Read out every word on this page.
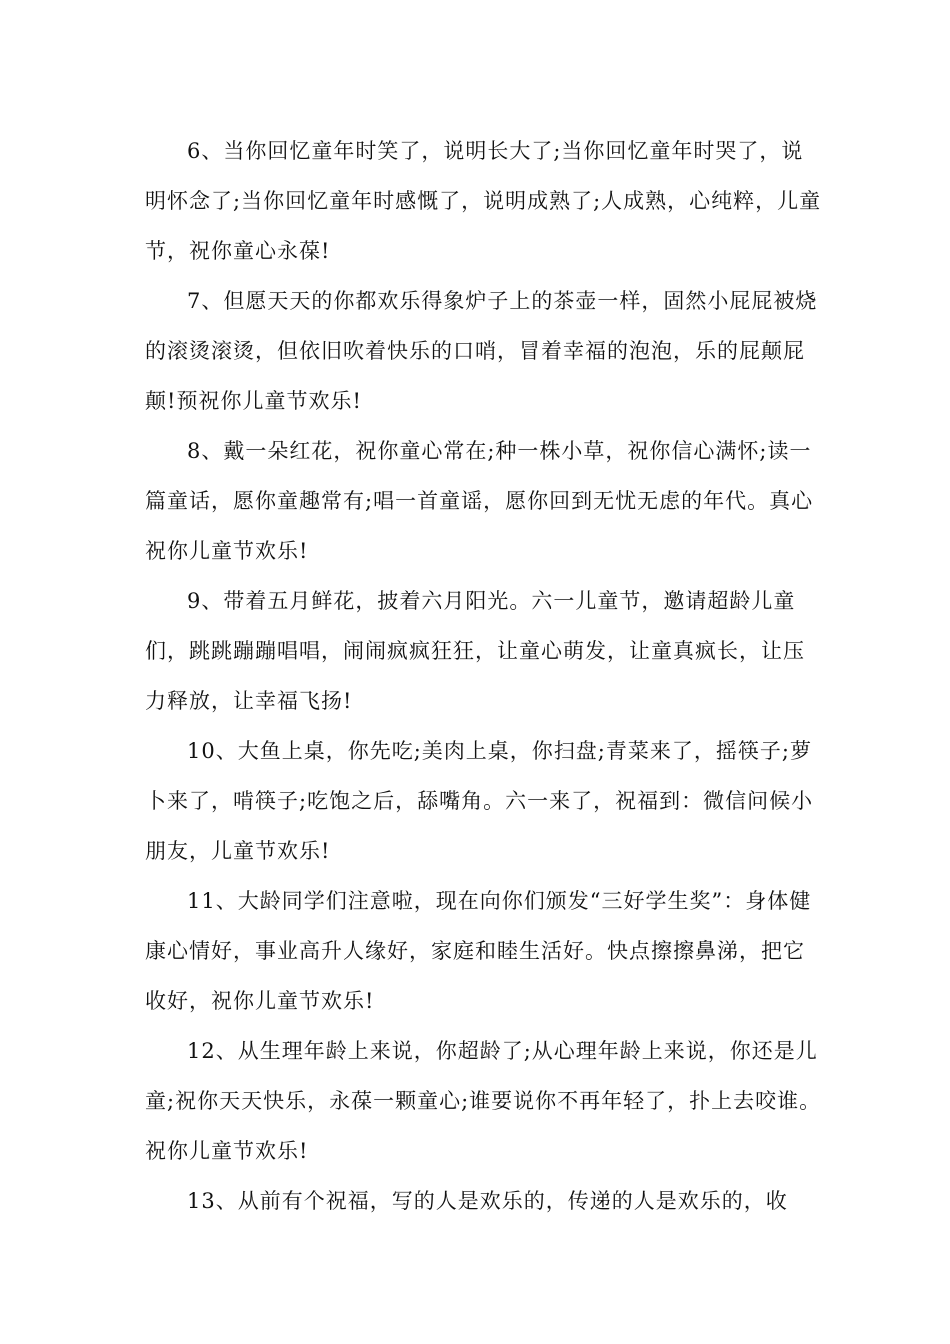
6、当你回忆童年时笑了，说明长大了;当你回忆童年时哭了，说明怀念了;当你回忆童年时感慨了，说明成熟了;人成熟，心纯粹，儿童节，祝你童心永葆!

7、但愿天天的你都欢乐得象炉子上的茶壶一样，固然小屁屁被烧的滚烫滚烫，但依旧吹着快乐的口哨，冒着幸福的泡泡，乐的屁颠屁颠!预祝你儿童节欢乐!

8、戴一朵红花，祝你童心常在;种一株小草，祝你信心满怀;读一篇童话，愿你童趣常有;唱一首童谣，愿你回到无忧无虑的年代。真心祝你儿童节欢乐!

9、带着五月鲜花，披着六月阳光。六一儿童节，邀请超龄儿童们，跳跳蹦蹦唱唱，闹闹疯疯狂狂，让童心萌发，让童真疯长，让压力释放，让幸福飞扬!

10、大鱼上桌，你先吃;美肉上桌，你扫盘;青菜来了，摇筷子;萝卜来了，啃筷子;吃饱之后，舔嘴角。六一来了，祝福到：微信问候小朋友，儿童节欢乐!

11、大龄同学们注意啦，现在向你们颁发“三好学生奖”：身体健康心情好，事业高升人缘好，家庭和睦生活好。快点擦擦鼻涕，把它收好，祝你儿童节欢乐!

12、从生理年龄上来说，你超龄了;从心理年龄上来说，你还是儿童;祝你天天快乐，永葆一颗童心;谁要说你不再年轻了，扑上去咬谁。祝你儿童节欢乐!

13、从前有个祝福，写的人是欢乐的，传递的人是欢乐的，收
